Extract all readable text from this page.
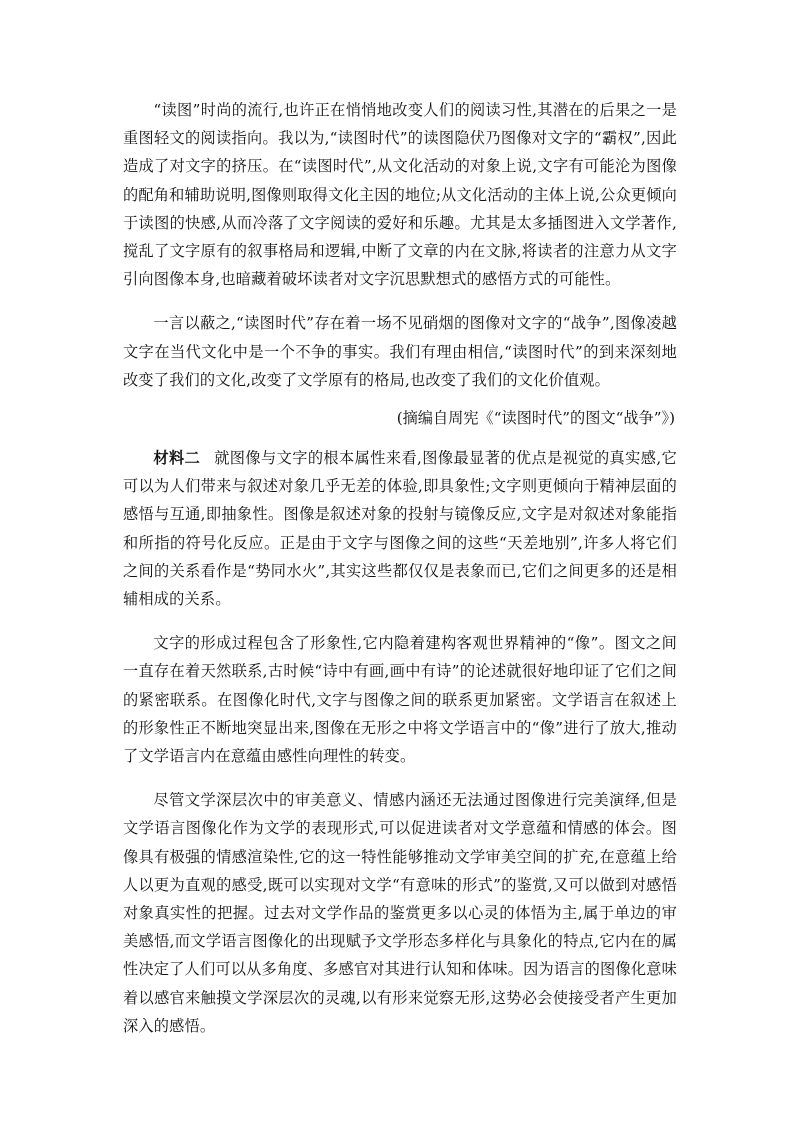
“读图”时尚的流行,也许正在悄悄地改变人们的阅读习性,其潜在的后果之一是重图轻文的阅读指向。我以为,“读图时代”的读图隐伏乃图像对文字的“霸权”,因此造成了对文字的挤压。在“读图时代”,从文化活动的对象上说,文字有可能沦为图像的配角和辅助说明,图像则取得文化主因的地位;从文化活动的主体上说,公众更倾向于读图的快感,从而冷落了文字阅读的爱好和乐趣。尤其是太多插图进入文学著作,搅乱了文字原有的叙事格局和逻辑,中断了文章的内在文脉,将读者的注意力从文字引向图像本身,也暗藏着破坏读者对文字沉思默想式的感悟方式的可能性。

一言以蔽之,“读图时代”存在着一场不见硝烟的图像对文字的“战争”,图像凌越文字在当代文化中是一个不争的事实。我们有理由相信,“读图时代”的到来深刻地改变了我们的文化,改变了文学原有的格局,也改变了我们的文化价值观。

(摘编自周宪《“读图时代”的图文“战争”》)

材料二 就图像与文字的根本属性来看,图像最显著的优点是视觉的真实感,它可以为人们带来与叙述对象几乎无差的体验,即具象性;文字则更倾向于精神层面的感悟与互通,即抽象性。图像是叙述对象的投射与镜像反应,文字是对叙述对象能指和所指的符号化反应。正是由于文字与图像之间的这些“天差地别”,许多人将它们之间的关系看作是“势同水火”,其实这些都仅仅是表象而已,它们之间更多的还是相辅相成的关系。

文字的形成过程包含了形象性,它内隐着建构客观世界精神的“像”。图文之间一直存在着天然联系,古时候“诗中有画,画中有诗”的论述就很好地印证了它们之间的紧密联系。在图像化时代,文字与图像之间的联系更加紧密。文学语言在叙述上的形象性正不断地突显出来,图像在无形之中将文学语言中的“像”进行了放大,推动了文学语言内在意蕴由感性向理性的转变。

尽管文学深层次中的审美意义、情感内涵还无法通过图像进行完美演绎,但是文学语言图像化作为文学的表现形式,可以促进读者对文学意蕴和情感的体会。图像具有极强的情感渲染性,它的这一特性能够推动文学审美空间的扩充,在意蕴上给人以更为直观的感受,既可以实现对文学“有意味的形式”的鉴赏,又可以做到对感悟对象真实性的把握。过去对文学作品的鉴赏更多以心灵的体悟为主,属于单边的审美感悟,而文学语言图像化的出现赋予文学形态多样化与具象化的特点,它内在的属性决定了人们可以从多角度、多感官对其进行认知和体味。因为语言的图像化意味着以感官来触摸文学深层次的灵魂,以有形来觉察无形,这势必会使接受者产生更加深入的感悟。
